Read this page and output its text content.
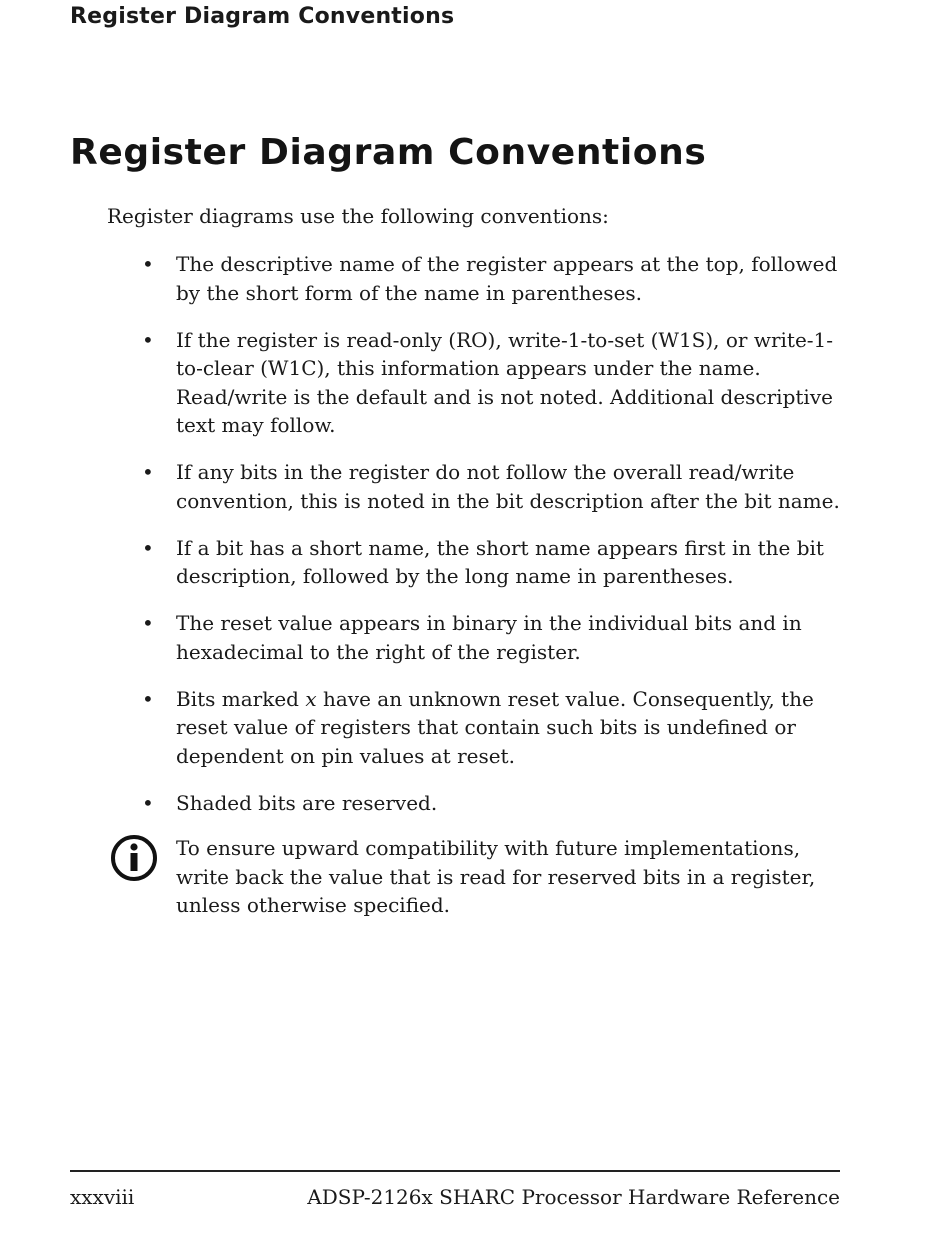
Register Diagram Conventions
Register Diagram Conventions

Register diagrams use the following conventions:

• The descriptive name of the register appears at the top, followed by the short form of the name in parentheses.
• If the register is read-only (RO), write-1-to-set (W1S), or write-1-to-clear (W1C), this information appears under the name. Read/write is the default and is not noted. Additional descriptive text may follow.
• If any bits in the register do not follow the overall read/write convention, this is noted in the bit description after the bit name.
• If a bit has a short name, the short name appears first in the bit description, followed by the long name in parentheses.
• The reset value appears in binary in the individual bits and in hexadecimal to the right of the register.
• Bits marked x have an unknown reset value. Consequently, the reset value of registers that contain such bits is undefined or dependent on pin values at reset.
• Shaded bits are reserved.
To ensure upward compatibility with future implementations, write back the value that is read for reserved bits in a register, unless otherwise specified.
xxxviii	ADSP-2126x SHARC Processor Hardware Reference
